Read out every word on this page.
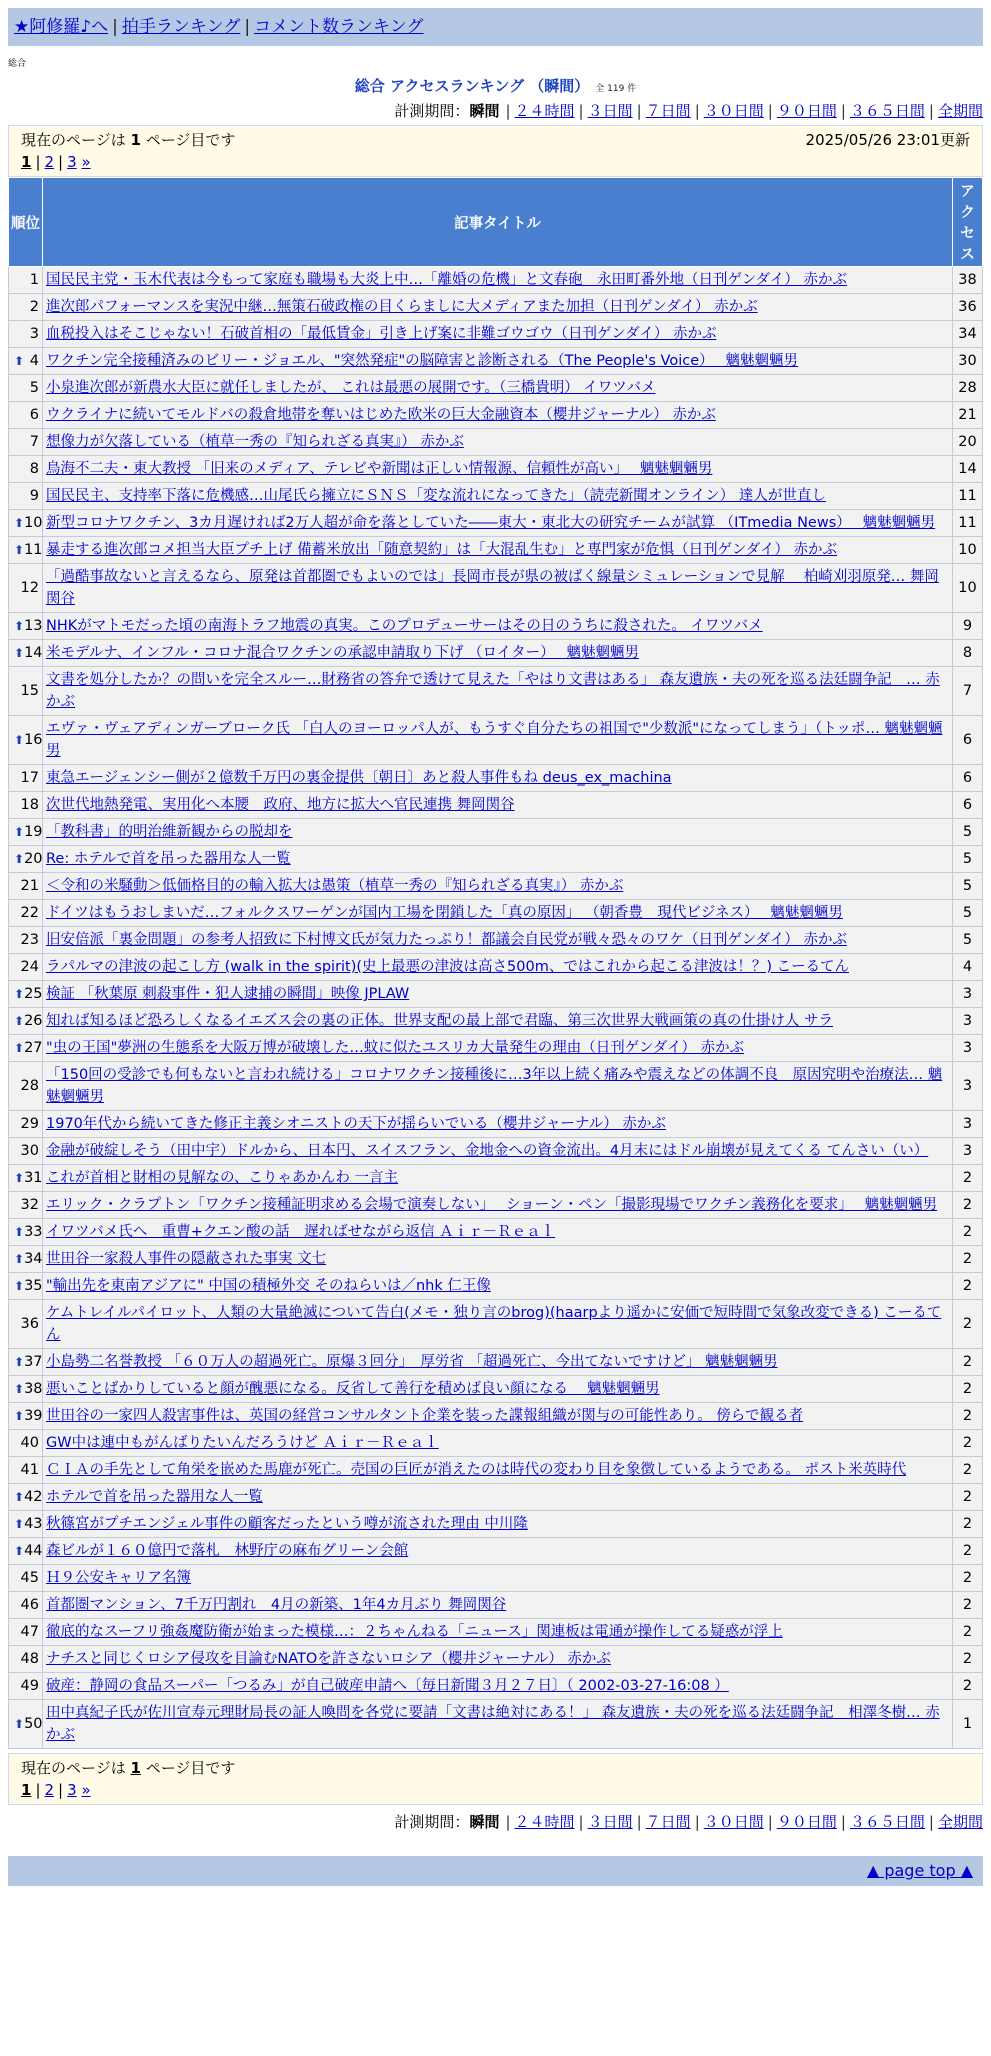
★阿修羅♪へ | 拍手ランキング | コメント数ランキング
総合
総合 アクセスランキング （瞬間） 全 119 件
計測期間：瞬間 | ２４時間 | ３日間 | ７日間 | ３０日間 | ９０日間 | ３６５日間 | 全期間
現在のページは 1 ページ目です	2025/05/26 23:01更新
1 | 2 | 3 »
順位	記事タイトル	アクセス
1	国民民主党・玉木代表は今もって家庭も職場も大炎上中…「離婚の危機」と文春砲　永田町番外地（日刊ゲンダイ） 赤かぶ	38
2	進次郎パフォーマンスを実況中継…無策石破政権の目くらましに大メディアまた加担（日刊ゲンダイ） 赤かぶ	36
3	血税投入はそこじゃない！石破首相の「最低賃金」引き上げ案に非難ゴウゴウ（日刊ゲンダイ） 赤かぶ	34

⬆ 4	ワクチン完全接種済みのビリー・ジョエル、"突然発症"の脳障害と診断される（The People's Voice）　 魑魅魍魎男	30
5	小泉進次郎が新農水大臣に就任しましたが、 これは最悪の展開です。（三橋貴明） イワツバメ	28
6	ウクライナに続いてモルドバの殺倉地帯を奪いはじめた欧米の巨大金融資本（櫻井ジャーナル） 赤かぶ	21
7	想像力が欠落している（植草一秀の『知られざる真実』） 赤かぶ	20
8	鳥海不二夫・東大教授 「旧来のメディア、テレビや新聞は正しい情報源、信頼性が高い」　 魑魅魍魎男	14
9	国民民主、支持率下落に危機感…山尾氏ら擁立にＳＮＳ「変な流れになってきた」（読売新聞オンライン） 達人が世直し	11

⬆ 10	新型コロナワクチン、3カ月遅ければ2万人超が命を落としていた――東大・東北大の研究チームが試算 （ITmedia News）　 魑魅魍魎男	11

⬆ 11	暴走する進次郎コメ担当大臣プチ上げ 備蓄米放出「随意契約」は「大混乱生む」と専門家が危惧（日刊ゲンダイ） 赤かぶ	10
12	「過酷事故ないと言えるなら、原発は首都圏でもよいのでは」長岡市長が県の被ばく線量シミュレーションで見解　 柏崎刈羽原発… 舞岡関谷	10

⬆ 13	NHKがマトモだった頃の南海トラフ地震の真実。このプロデューサーはその日のうちに殺された。 イワツバメ	9

⬆ 14	米モデルナ、インフル・コロナ混合ワクチンの承認申請取り下げ （ロイター）　 魑魅魍魎男	8
15	文書を処分したか？の問いを完全スルー…財務省の答弁で透けて見えた「やはり文書はある」 森友遺族・夫の死を巡る法廷闘争記　… 赤かぶ	7

⬆ 16	エヴァ・ヴェアディンガーブローク氏 「白人のヨーロッパ人が、もうすぐ自分たちの祖国で"少数派"になってしまう」（トッポ… 魑魅魍魎男	6
17	東急エージェンシー側が２億数千万円の裏金提供〔朝日〕あと殺人事件もね deus_ex_machina	6
18	次世代地熱発電、実用化へ本腰　政府、地方に拡大へ官民連携 舞岡関谷	6

⬆ 19	「教科書」的明治維新観からの脱却を	5

⬆ 20	Re: ホテルで首を吊った器用な人一覧	5
21	＜令和の米騒動＞低価格目的の輸入拡大は愚策（植草一秀の『知られざる真実』） 赤かぶ	5
22	ドイツはもうおしまいだ…フォルクスワーゲンが国内工場を閉鎖した「真の原因」 （朝香豊　現代ビジネス）　 魑魅魍魎男	5
23	旧安倍派「裏金問題」の参考人招致に下村博文氏が気力たっぷり！都議会自民党が戦々恐々のワケ（日刊ゲンダイ） 赤かぶ	5
24	ラパルマの津波の起こし方 (walk in the spirit)(史上最悪の津波は高さ500m、ではこれから起こる津波は！？) こーるてん	4

⬆ 25	検証 「秋葉原 刺殺事件・犯人逮捕の瞬間」映像 JPLAW	3

⬆ 26	知れば知るほど恐ろしくなるイエズス会の裏の正体。世界支配の最上部で君臨、第三次世界大戦画策の真の仕掛け人 サラ	3

⬆ 27	"虫の王国"夢洲の生態系を大阪万博が破壊した…蚊に似たユスリカ大量発生の理由（日刊ゲンダイ） 赤かぶ	3
28	「150回の受診でも何もないと言われ続ける」コロナワクチン接種後に…3年以上続く痛みや震えなどの体調不良　原因究明や治療法… 魑魅魍魎男	3
29	1970年代から続いてきた修正主義シオニストの天下が揺らいでいる（櫻井ジャーナル） 赤かぶ	3
30	金融が破綻しそう（田中宇）ドルから、日本円、スイスフラン、金地金への資金流出。4月末にはドル崩壊が見えてくる てんさい（い）	3

⬆ 31	これが首相と財相の見解なの、こりゃあかんわ 一言主	2
32	エリック・クラプトン「ワクチン接種証明求める会場で演奏しない」　 ショーン・ペン「撮影現場でワクチン義務化を要求」　 魑魅魍魎男	2

⬆ 33	イワツバメ氏へ　重曹+クエン酸の話　遅ればせながら返信 Ａｉｒ－Ｒｅａｌ	2

⬆ 34	世田谷一家殺人事件の隠蔽された事実 文七	2

⬆ 35	"輸出先を東南アジアに" 中国の積極外交 そのねらいは／nhk 仁王像	2
36	ケムトレイルパイロット、人類の大量絶滅について告白(メモ・独り言のbrog)(haarpより遥かに安価で短時間で気象改変できる) こーるてん	2

⬆ 37	小島勢二名誉教授 「６０万人の超過死亡。原爆３回分」　厚労省 「超過死亡、今出てないですけど」 魑魅魍魎男	2

⬆ 38	悪いことばかりしていると顔が醜悪になる。反省して善行を積めば良い顔になる　 魑魅魍魎男	2

⬆ 39	世田谷の一家四人殺害事件は、英国の経営コンサルタント企業を装った諜報組織が関与の可能性あり。 傍らで観る者	2
40	GW中は連中もがんばりたいんだろうけど Ａｉｒ－Ｒｅａｌ	2
41	ＣＩＡの手先として角栄を嵌めた馬鹿が死亡。売国の巨匠が消えたのは時代の変わり目を象徴しているようである。 ポスト米英時代	2

⬆ 42	ホテルで首を吊った器用な人一覧	2

⬆ 43	秋篠宮がプチエンジェル事件の顧客だったという噂が流された理由 中川隆	2

⬆ 44	森ビルが１６０億円で落札　林野庁の麻布グリーン会館	2
45	Ｈ９公安キャリア名簿	2
46	首都圏マンション、7千万円割れ　4月の新築、1年4カ月ぶり 舞岡関谷	2
47	徹底的なスーフリ強姦魔防衛が始まった模様…：２ちゃんねる「ニュース」関連板は電通が操作してる疑惑が浮上	2
48	ナチスと同じくロシア侵攻を目論むNATOを許さないロシア（櫻井ジャーナル） 赤かぶ	2
49	破産：静岡の食品スーパー「つるみ」が自己破産申請へ〔毎日新聞３月２７日〕（ 2002-03-27-16:08 ）	2

⬆ 50	田中真紀子氏が佐川宣寿元理財局長の証人喚問を各党に要請「文書は絶対にある！」 森友遺族・夫の死を巡る法廷闘争記　相澤冬樹… 赤かぶ	1
現在のページは 1 ページ目です
1 | 2 | 3 »
計測期間：瞬間 | ２４時間 | ３日間 | ７日間 | ３０日間 | ９０日間 | ３６５日間 | 全期間
▲ page top ▲
